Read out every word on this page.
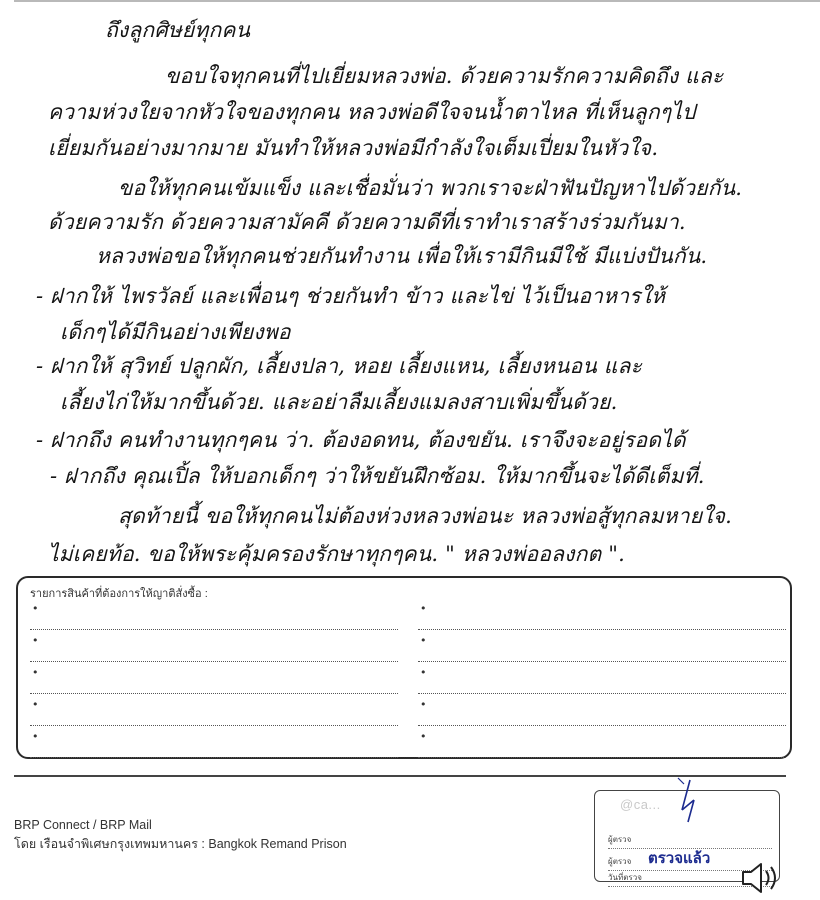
ถึงลูกศิษย์ทุกคน
ขอบใจทุกคนที่ไปเยี่ยมหลวงพ่อ. ด้วยความรักความคิดถึง และ
ความห่วงใยจากหัวใจของทุกคน หลวงพ่อดีใจจนน้ำตาไหล ที่เห็นลูกๆไป
เยี่ยมกันอย่างมากมาย มันทำให้หลวงพ่อมีกำลังใจเต็มเปี่ยมในหัวใจ.
ขอให้ทุกคนเข้มแข็ง และเชื่อมั่นว่า พวกเราจะฝ่าฟันปัญหาไปด้วยกัน.
ด้วยความรัก ด้วยความสามัคคี ด้วยความดีที่เราทำเราสร้างร่วมกันมา.
หลวงพ่อขอให้ทุกคนช่วยกันทำงาน เพื่อให้เรามีกินมีใช้ มีแบ่งปันกัน.
- ฝากให้ ไพรวัลย์ และเพื่อนๆ ช่วยกันทำ ข้าว และไข่ ไว้เป็นอาหารให้
เด็กๆได้มีกินอย่างเพียงพอ
- ฝากให้ สุวิทย์ ปลูกผัก, เลี้ยงปลา, หอย เลี้ยงแหน, เลี้ยงหนอน และ
เลี้ยงไก่ให้มากขึ้นด้วย. และอย่าลืมเลี้ยงแมลงสาบเพิ่มขึ้นด้วย.
- ฝากถึง คนทำงานทุกๆคน ว่า. ต้องอดทน, ต้องขยัน. เราจึงจะอยู่รอดได้
- ฝากถึง คุณเปิ้ล ให้บอกเด็กๆ ว่าให้ขยันฝึกซ้อม. ให้มากขึ้นจะได้ดีเต็มที่.
สุดท้ายนี้ ขอให้ทุกคนไม่ต้องห่วงหลวงพ่อนะ หลวงพ่อสู้ทุกลมหายใจ.
ไม่เคยท้อ. ขอให้พระคุ้มครองรักษาทุกๆคน. " หลวงพ่ออลงกต ".
รายการสินค้าที่ต้องการให้ญาติสั่งซื้อ :
•
•
•
•
•
•
•
•
•
•
BRP Connect / BRP Mail
โดย เรือนจำพิเศษกรุงเทพมหานคร : Bangkok Remand Prison
@ca...
ผู้ตรวจ
ผู้ตรวจ ตรวจแล้ว
วันที่ตรวจ
